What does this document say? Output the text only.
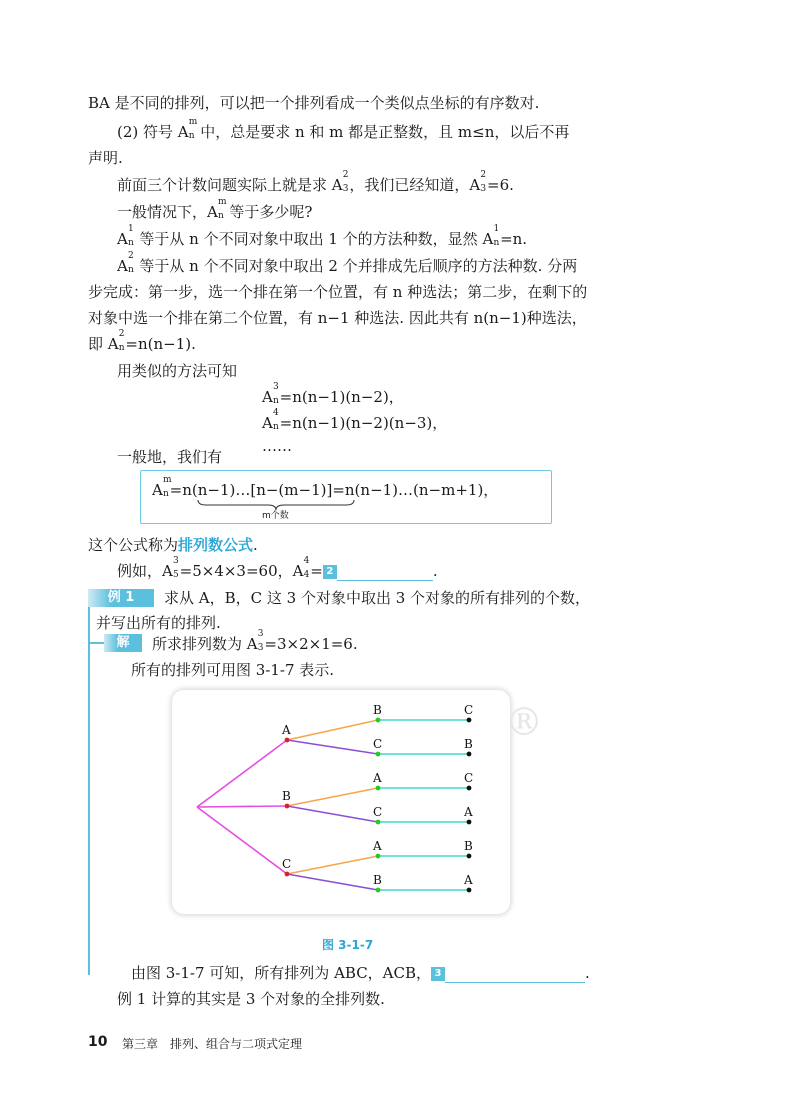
BA 是不同的排列，可以把一个排列看成一个类似点坐标的有序数对.
(2) 符号 A
m
n 中，总是要求 n 和 m 都是正整数，且 m≤n，以后不再
声明.
前面三个计数问题实际上就是求 A
2
3 ，我们已经知道，A
2
3 =6.
一般情况下，A
m
n 等于多少呢?
A
1
n 等于从 n 个不同对象中取出 1 个的方法种数，显然 A
1
n =n.
A
2
n 等于从 n 个不同对象中取出 2 个并排成先后顺序的方法种数. 分两
步完成：第一步，选一个排在第一个位置，有 n 种选法；第二步，在剩下的
对象中选一个排在第二个位置，有 n−1 种选法. 因此共有 n(n−1)种选法，
即 A
2
n =n(n−1).
用类似的方法可知
A
3
n =n(n−1)(n−2)，
A
4
n =n(n−1)(n−2)(n−3)，
……
一般地，我们有
A
m
n =n(n−1)…[n−(m−1)]=n(n−1)…(n−m+1)，
m个数
这个公式称为排列数公式.
例如，A
3
5 =5×4×3=60，A
4
4 = 2	.
例 1	求从 A，B，C 这 3 个对象中取出 3 个对象的所有排列的个数，
并写出所有的排列.
解	所求排列数为 A
3
3 =3×2×1=6.
所有的排列可用图 3-1-7 表示.
®
B	C
C	B
A
A	C
C	A
B
A	B
B	A
C
图 3-1-7
由图 3-1-7 可知，所有排列为 ABC，ACB， 3	.
例 1 计算的其实是 3 个对象的全排列数.
10 第三章　排列、组合与二项式定理
